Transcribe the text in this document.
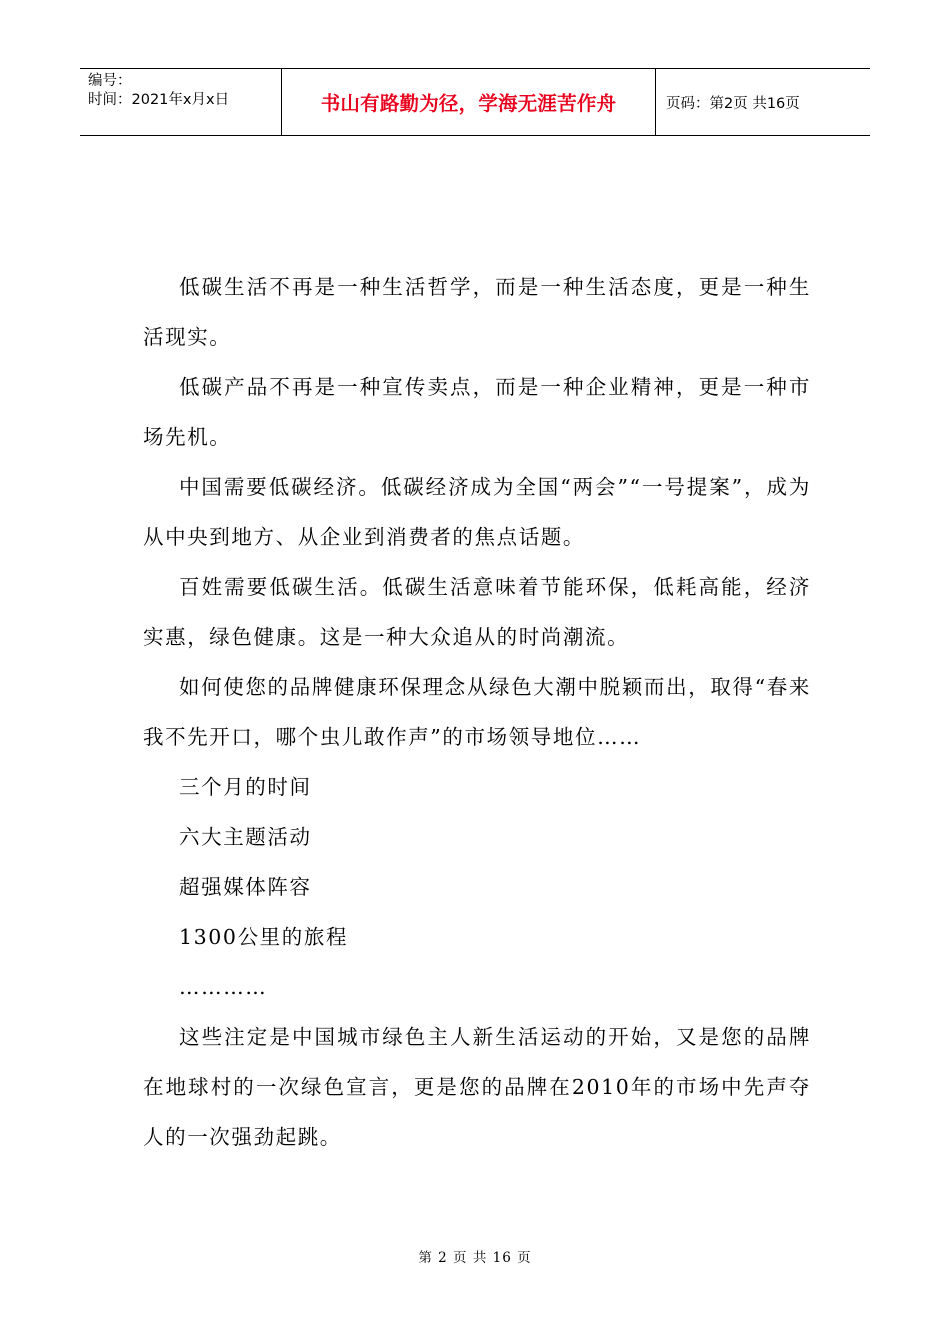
编号：
时间：2021年x月x日	书山有路勤为径，学海无涯苦作舟	页码：第2页 共16页

低碳生活不再是一种生活哲学，而是一种生活态度，更是一种生活现实。

低碳产品不再是一种宣传卖点，而是一种企业精神，更是一种市场先机。

中国需要低碳经济。低碳经济成为全国“两会”“一号提案”，成为从中央到地方、从企业到消费者的焦点话题。

百姓需要低碳生活。低碳生活意味着节能环保，低耗高能，经济实惠，绿色健康。这是一种大众追从的时尚潮流。

如何使您的品牌健康环保理念从绿色大潮中脱颖而出，取得“春来我不先开口，哪个虫儿敢作声”的市场领导地位……

三个月的时间

六大主题活动

超强媒体阵容

1300公里的旅程

…………

这些注定是中国城市绿色主人新生活运动的开始，又是您的品牌在地球村的一次绿色宣言，更是您的品牌在2010年的市场中先声夺人的一次强劲起跳。

第 2 页 共 16 页
